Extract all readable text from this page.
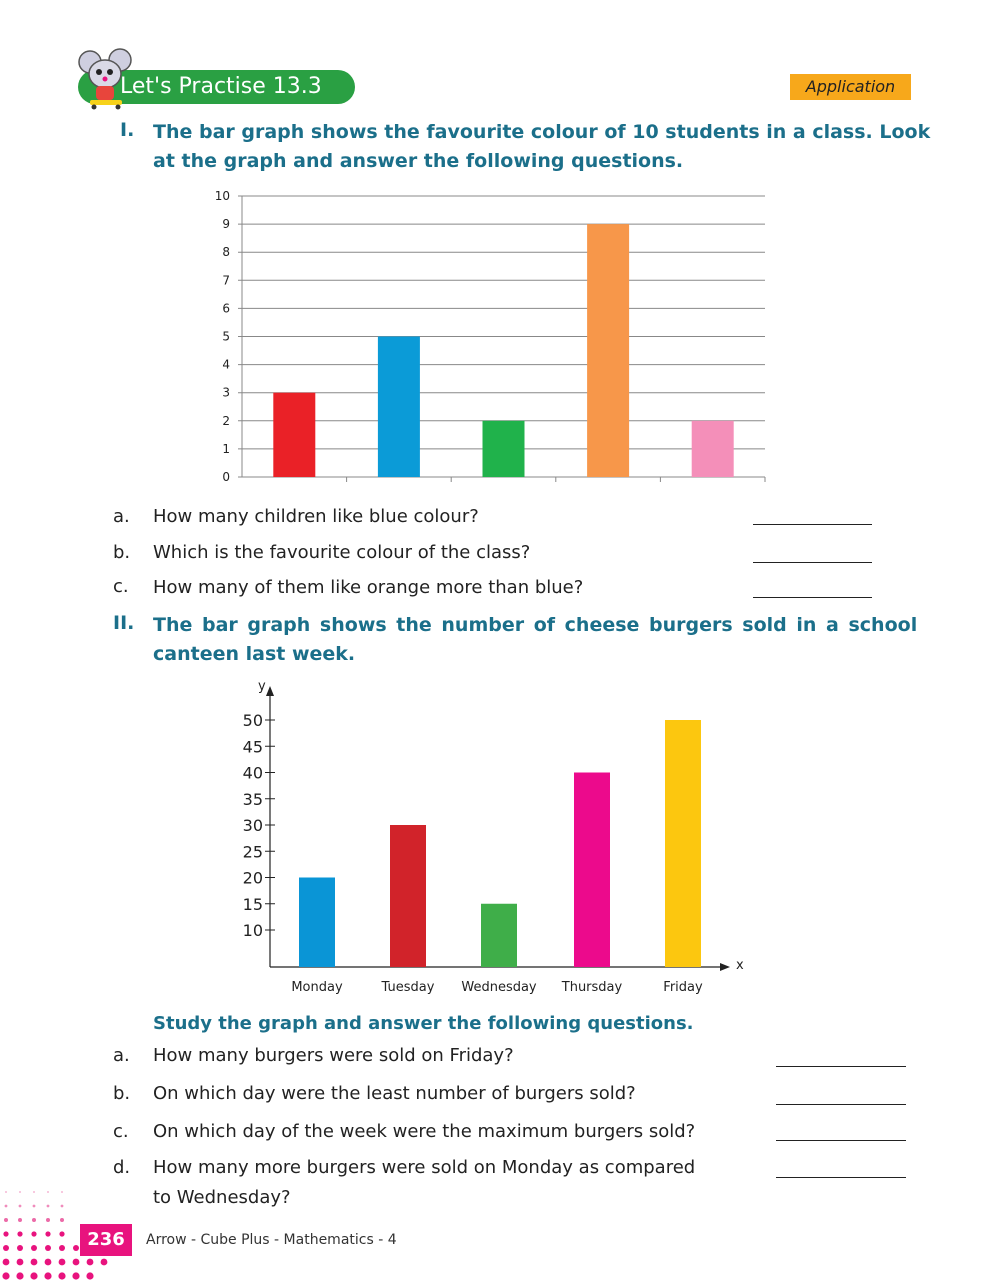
Let's Practise 13.3	Application
I. The bar graph shows the favourite colour of 10 students in a class. Look
at the graph and answer the following questions.
0
1
2
3
4
5
6
7
8
9
10
a. How many children like blue colour?
b. Which is the favourite colour of the class?
c. How many of them like orange more than blue?
II. The bar graph shows the number of cheese burgers sold in a school
canteen last week.
y
x
10
15
20
25
30
35
40
45
50
Monday	Tuesday Wednesday Thursday	Friday
Study the graph and answer the following questions.
a. How many burgers were sold on Friday?
b. On which day were the least number of burgers sold?
c. On which day of the week were the maximum burgers sold?
d. How many more burgers were sold on Monday as compared
to Wednesday?
236	Arrow - Cube Plus - Mathematics - 4
